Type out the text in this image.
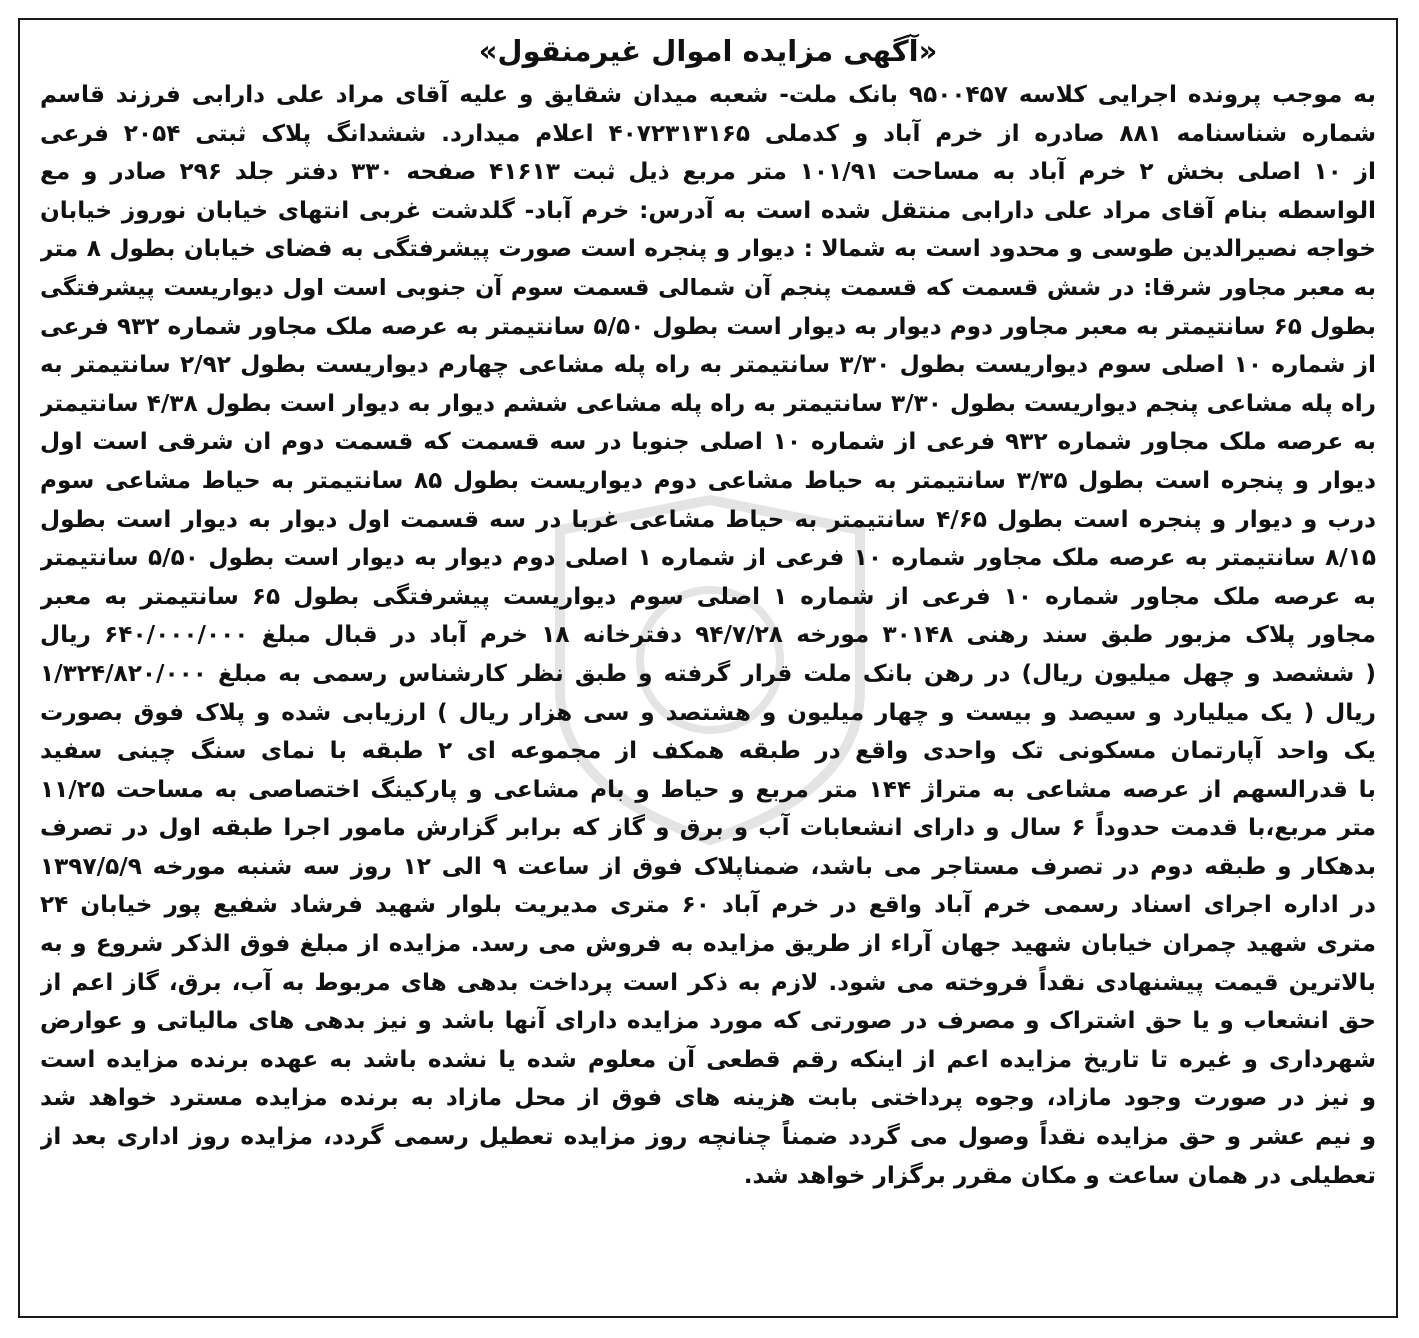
«آگهی مزایده اموال غیرمنقول»
به موجب پرونده اجرایی کلاسه ۹۵۰۰۴۵۷ بانک ملت- شعبه میدان شقایق و علیه آقای مراد علی دارابی فرزند قاسم
شماره شناسنامه ۸۸۱ صادره از خرم آباد و کدملی ۴۰۷۲۳۱۳۱۶۵ اعلام میدارد. ششدانگ پلاک ثبتی ۲۰۵۴ فرعی
از ۱۰ اصلی بخش ۲ خرم آباد به مساحت ۱۰۱/۹۱ متر مربع ذیل ثبت ۴۱۶۱۳ صفحه ۳۳۰ دفتر جلد ۲۹۶ صادر و مع
الواسطه بنام آقای مراد علی دارابی منتقل شده است به آدرس: خرم آباد- گلدشت غربی انتهای خیابان نوروز خیابان
خواجه نصیرالدین طوسی و محدود است به شمالا : دیوار و پنجره است صورت پیشرفتگی به فضای خیابان بطول ۸ متر
به معبر مجاور شرقا: در شش قسمت که قسمت پنجم آن شمالی قسمت سوم آن جنوبی است اول دیواریست پیشرفتگی
بطول ۶۵ سانتیمتر به معبر مجاور دوم دیوار به دیوار است بطول ۵/۵۰ سانتیمتر به عرصه ملک مجاور شماره ۹۳۲ فرعی
از شماره ۱۰ اصلی سوم دیواریست بطول ۳/۳۰ سانتیمتر به راه پله مشاعی چهارم دیواریست بطول ۲/۹۲ سانتیمتر به
راه پله مشاعی پنجم دیواریست بطول ۳/۳۰ سانتیمتر به راه پله مشاعی ششم دیوار به دیوار است بطول ۴/۳۸ سانتیمتر
به عرصه ملک مجاور شماره ۹۳۲ فرعی از شماره ۱۰ اصلی جنوبا در سه قسمت که قسمت دوم ان شرقی است اول
دیوار و پنجره است بطول ۳/۳۵ سانتیمتر به حیاط مشاعی دوم دیواریست بطول ۸۵ سانتیمتر به حیاط مشاعی سوم
درب و دیوار و پنجره است بطول ۴/۶۵ سانتیمتر به حیاط مشاعی غربا در سه قسمت اول دیوار به دیوار است بطول
۸/۱۵ سانتیمتر به عرصه ملک مجاور شماره ۱۰ فرعی از شماره ۱ اصلی دوم دیوار به دیوار است بطول ۵/۵۰ سانتیمتر
به عرصه ملک مجاور شماره ۱۰ فرعی از شماره ۱ اصلی سوم دیواریست پیشرفتگی بطول ۶۵ سانتیمتر به معبر
مجاور پلاک مزبور طبق سند رهنی ۳۰۱۴۸ مورخه ۹۴/۷/۲۸ دفترخانه ۱۸ خرم آباد در قبال مبلغ ۶۴۰/۰۰۰/۰۰۰ ریال
( ششصد و چهل میلیون ریال) در رهن بانک ملت قرار گرفته و طبق نظر کارشناس رسمی به مبلغ ۱/۳۲۴/۸۲۰/۰۰۰
ریال ( یک میلیارد و سیصد و بیست و چهار میلیون و هشتصد و سی هزار ریال ) ارزیابی شده و پلاک فوق بصورت
یک واحد آپارتمان مسکونی تک واحدی واقع در طبقه همکف از مجموعه ای ۲ طبقه با نمای سنگ چینی سفید
با قدرالسهم از عرصه مشاعی به متراژ ۱۴۴ متر مربع و حیاط و بام مشاعی و پارکینگ اختصاصی به مساحت ۱۱/۲۵
متر مربع،با قدمت حدوداً ۶ سال و دارای انشعابات آب و برق و گاز که برابر گزارش مامور اجرا طبقه اول در تصرف
بدهکار و طبقه دوم در تصرف مستاجر می باشد، ضمناپلاک فوق از ساعت ۹ الی ۱۲ روز سه شنبه مورخه ۱۳۹۷/۵/۹
در اداره اجرای اسناد رسمی خرم آباد واقع در خرم آباد ۶۰ متری مدیریت بلوار شهید فرشاد شفیع پور خیابان ۲۴
متری شهید چمران خیابان شهید جهان آراء از طریق مزایده به فروش می رسد. مزایده از مبلغ فوق الذکر شروع و به
بالاترین قیمت پیشنهادی نقداً فروخته می شود. لازم به ذکر است پرداخت بدهی های مربوط به آب، برق، گاز اعم از
حق انشعاب و یا حق اشتراک و مصرف در صورتی که مورد مزایده دارای آنها باشد و نیز بدهی های مالیاتی و عوارض
شهرداری و غیره تا تاریخ مزایده اعم از اینکه رقم قطعی آن معلوم شده یا نشده باشد به عهده برنده مزایده است
و نیز در صورت وجود مازاد، وجوه پرداختی بابت هزینه های فوق از محل مازاد به برنده مزایده مسترد خواهد شد
و نیم عشر و حق مزایده نقداً وصول می گردد ضمناً چنانچه روز مزایده تعطیل رسمی گردد، مزایده روز اداری بعد از
تعطیلی در همان ساعت و مکان مقرر برگزار خواهد شد.
